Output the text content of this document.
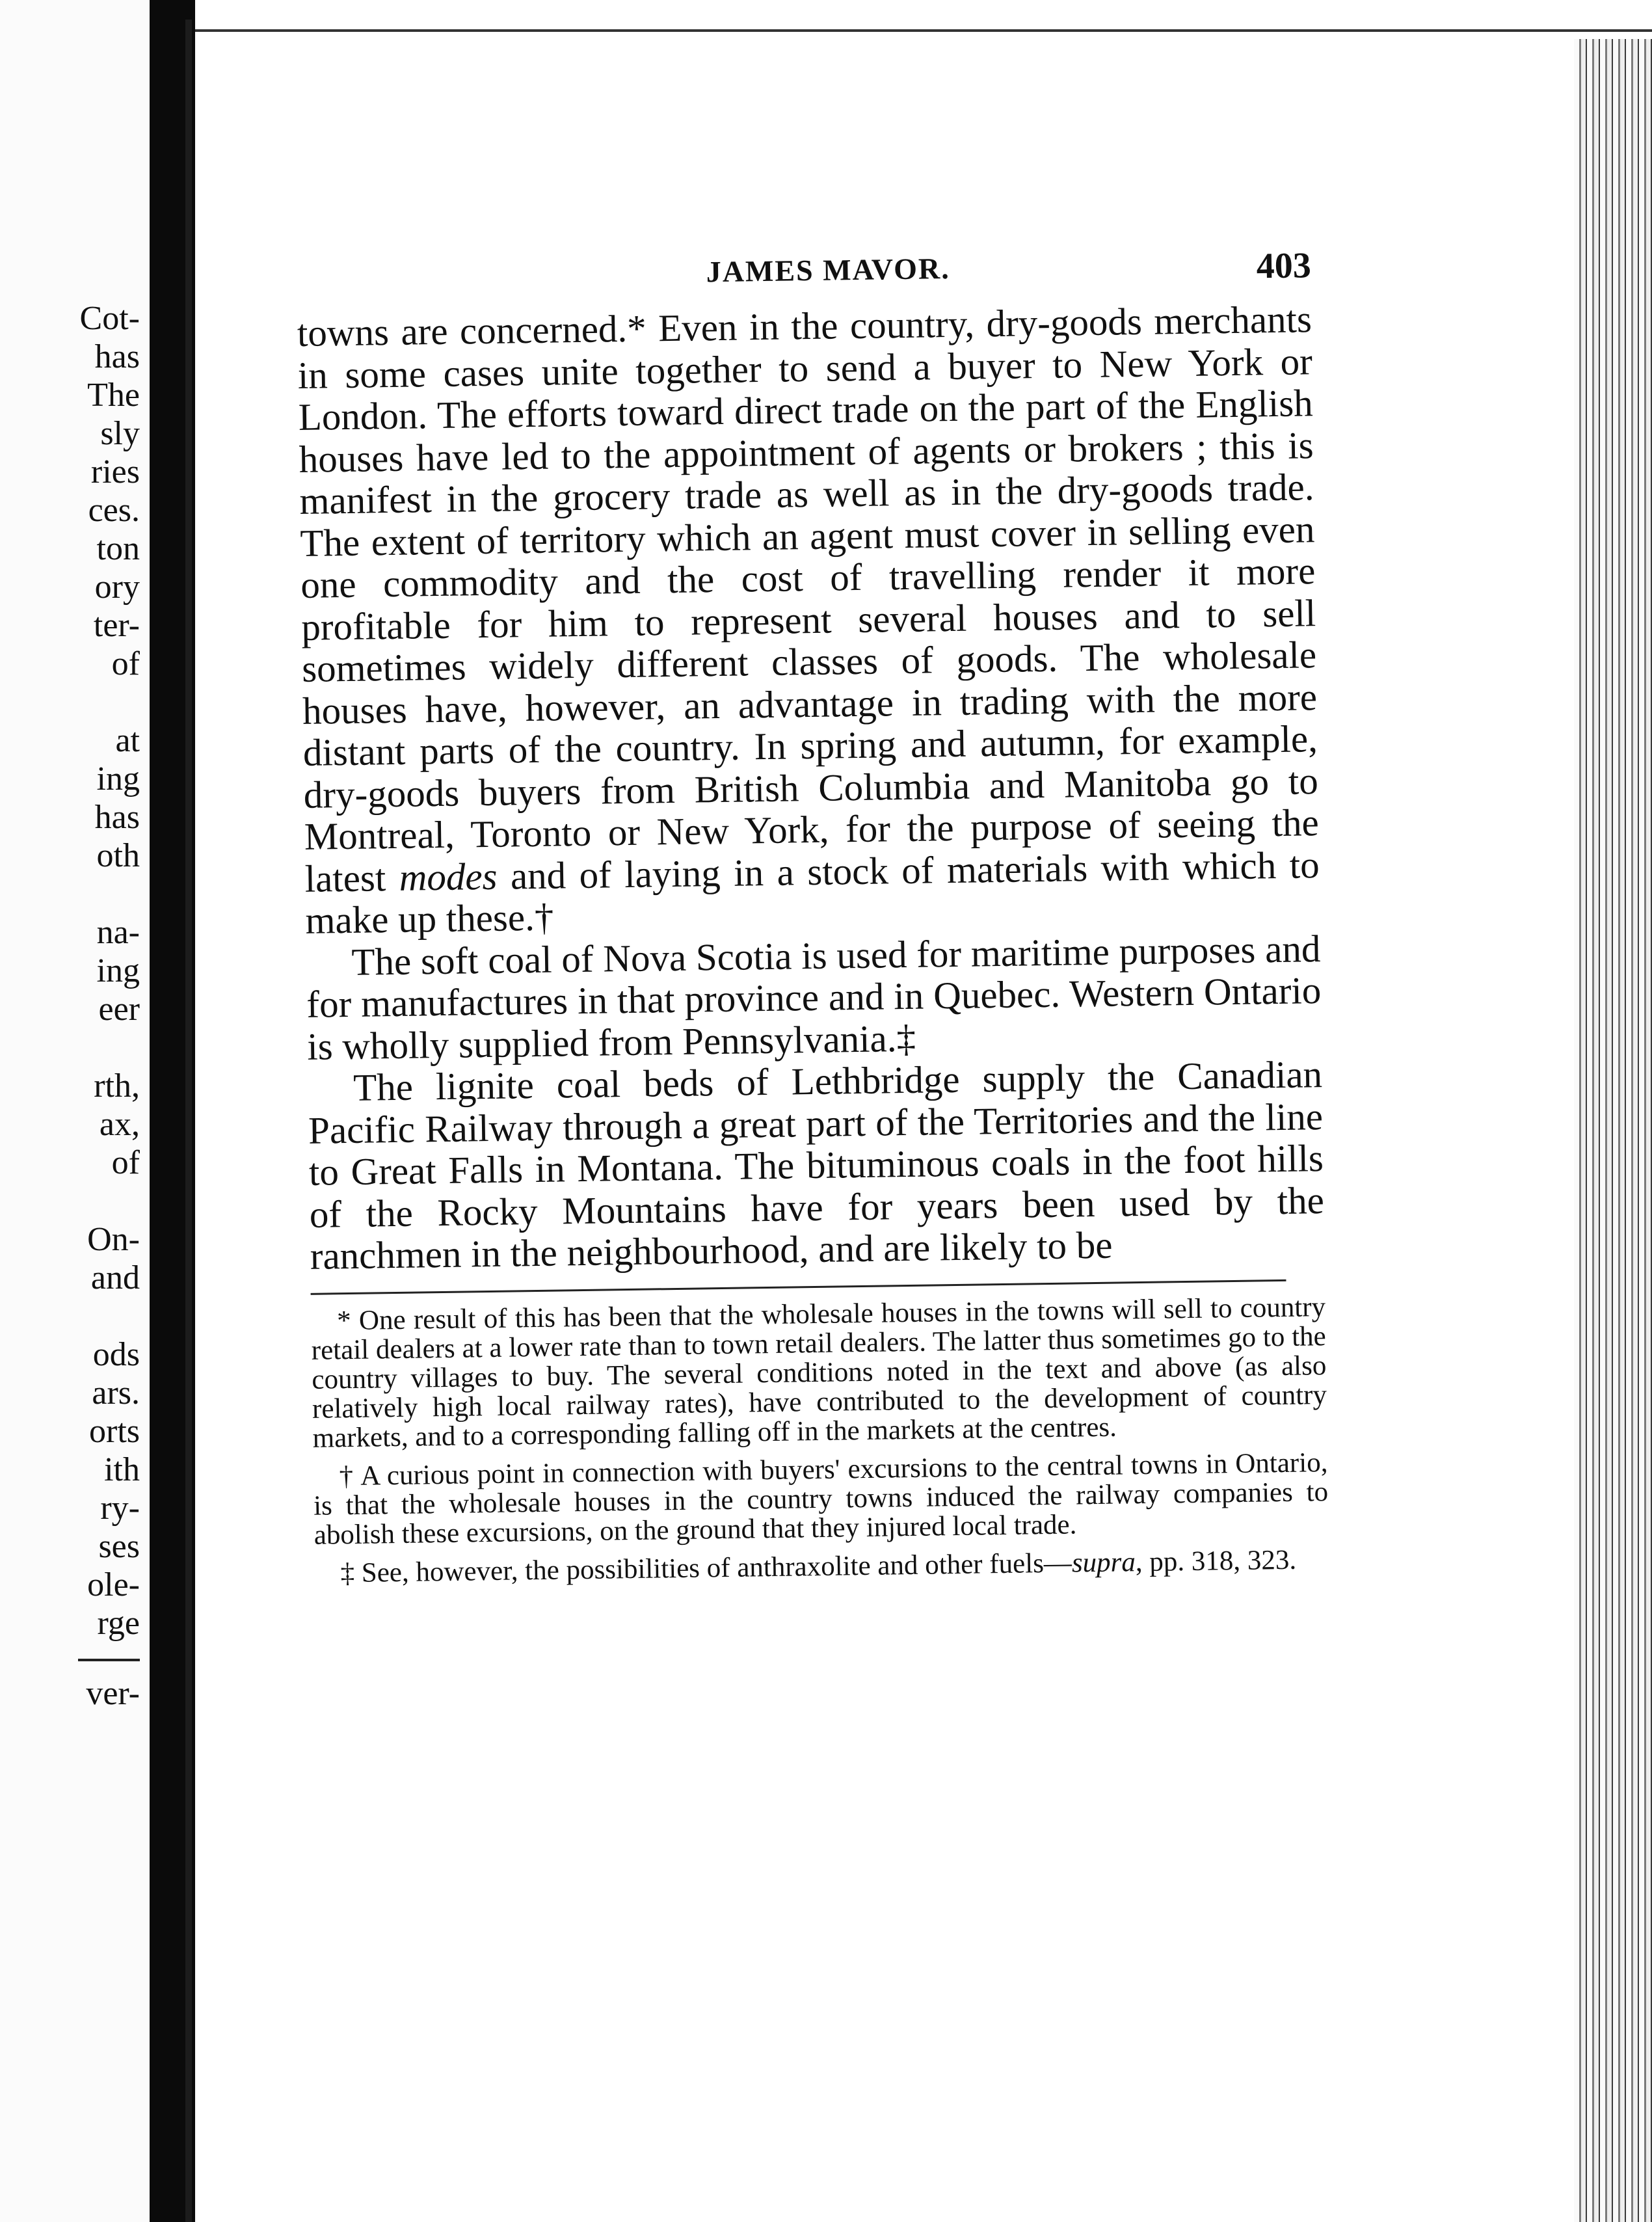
Cot-
has
The
sly
ries
ces.
ton
ory
ter-
of
at
ing
has
oth
na-
ing
eer
rth,
ax,
of
On-
and
ods
ars.
orts
ith
ry-
ses
ole-
rge
ver-
JAMES MAVOR.	403

towns are concerned.* Even in the country, dry-goods merchants in some cases unite together to send a buyer to New York or London. The efforts toward direct trade on the part of the English houses have led to the appointment of agents or brokers ; this is manifest in the grocery trade as well as in the dry-goods trade. The extent of territory which an agent must cover in selling even one commodity and the cost of travelling render it more profitable for him to represent several houses and to sell sometimes widely different classes of goods. The wholesale houses have, however, an advantage in trading with the more distant parts of the country. In spring and autumn, for example, dry-goods buyers from British Columbia and Manitoba go to Montreal, Toronto or New York, for the purpose of seeing the latest modes and of laying in a stock of materials with which to make up these.†

The soft coal of Nova Scotia is used for maritime purposes and for manufactures in that province and in Quebec. Western Ontario is wholly supplied from Pennsylvania.‡

The lignite coal beds of Lethbridge supply the Canadian Pacific Railway through a great part of the Territories and the line to Great Falls in Montana. The bituminous coals in the foot hills of the Rocky Mountains have for years been used by the ranchmen in the neighbourhood, and are likely to be

* One result of this has been that the wholesale houses in the towns will sell to country retail dealers at a lower rate than to town retail dealers. The latter thus sometimes go to the country villages to buy. The several conditions noted in the text and above (as also relatively high local railway rates), have contributed to the development of country markets, and to a corresponding falling off in the markets at the centres.

† A curious point in connection with buyers' excursions to the central towns in Ontario, is that the wholesale houses in the country towns induced the railway companies to abolish these excursions, on the ground that they injured local trade.

‡ See, however, the possibilities of anthraxolite and other fuels—supra, pp. 318, 323.
